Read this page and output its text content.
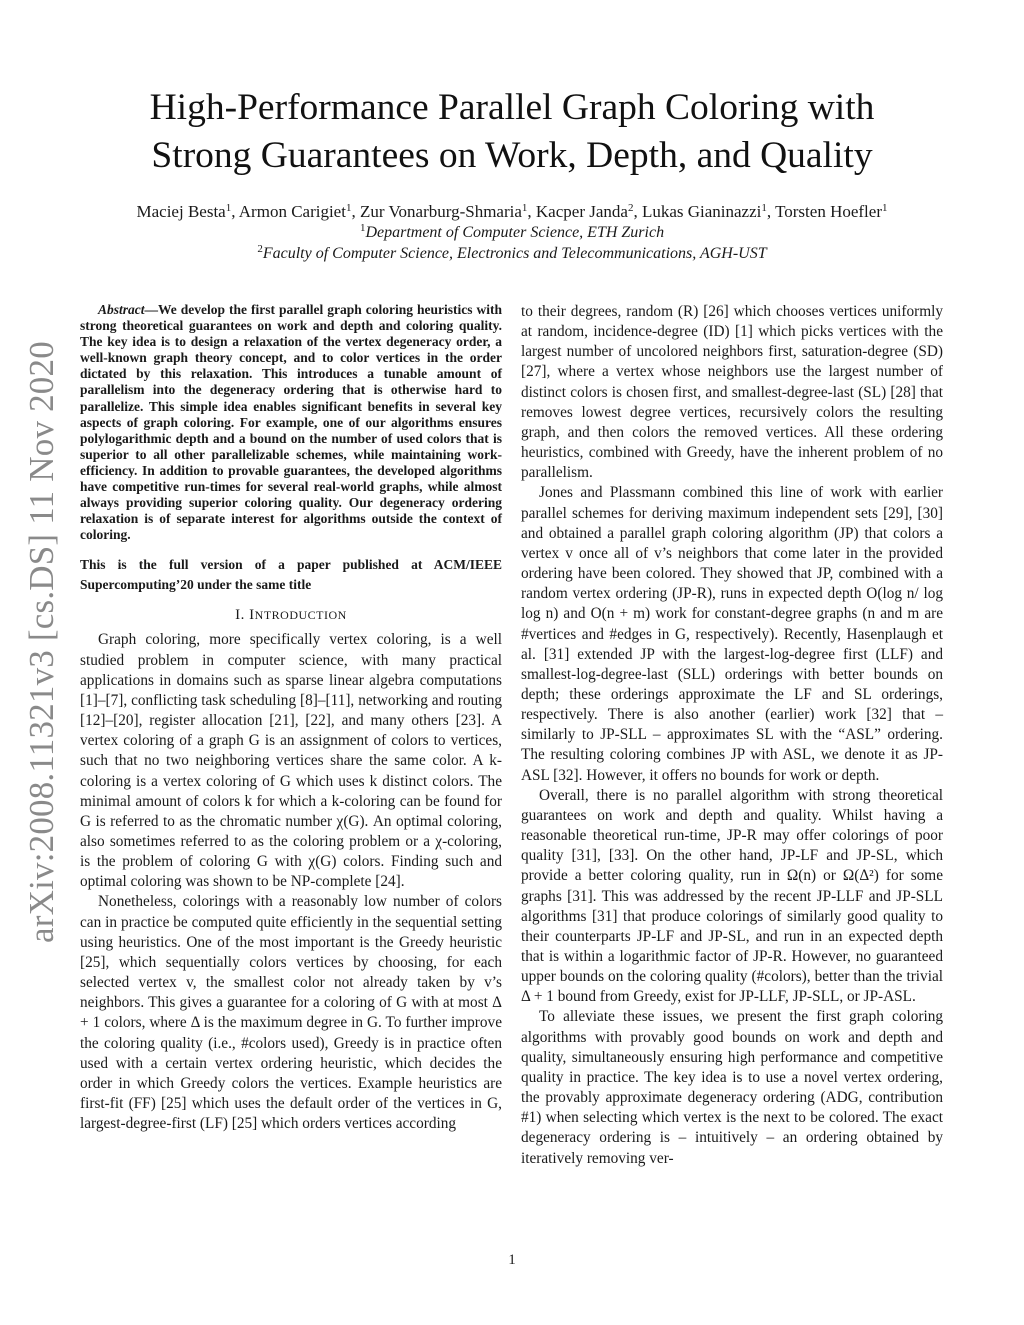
arXiv:2008.11321v3 [cs.DS] 11 Nov 2020
High-Performance Parallel Graph Coloring with
Strong Guarantees on Work, Depth, and Quality
Maciej Besta$^1$, Armon Carigiet$^1$, Zur Vonarburg-Shmaria$^1$, Kacper Janda$^2$, Lukas Gianinazzi$^1$, Torsten Hoefler$^1$
$^1$Department of Computer Science, ETH Zurich
$^2$Faculty of Computer Science, Electronics and Telecommunications, AGH-UST

Abstract—We develop the first parallel graph coloring heuristics with strong theoretical guarantees on work and depth and coloring quality. The key idea is to design a relaxation of the vertex degeneracy order, a well-known graph theory concept, and to color vertices in the order dictated by this relaxation. This introduces a tunable amount of parallelism into the degeneracy ordering that is otherwise hard to parallelize. This simple idea enables significant benefits in several key aspects of graph coloring. For example, one of our algorithms ensures polylogarithmic depth and a bound on the number of used colors that is superior to all other parallelizable schemes, while maintaining work-efficiency. In addition to provable guarantees, the developed algorithms have competitive run-times for several real-world graphs, while almost always providing superior coloring quality. Our degeneracy ordering relaxation is of separate interest for algorithms outside the context of coloring.

This is the full version of a paper published at ACM/IEEE Supercomputing’20 under the same title

I. INTRODUCTION

Graph coloring, more specifically vertex coloring, is a well studied problem in computer science, with many practical applications in domains such as sparse linear algebra computations [1]–[7], conflicting task scheduling [8]–[11], networking and routing [12]–[20], register allocation [21], [22], and many others [23]. A vertex coloring of a graph G is an assignment of colors to vertices, such that no two neighboring vertices share the same color. A k-coloring is a vertex coloring of G which uses k distinct colors. The minimal amount of colors k for which a k-coloring can be found for G is referred to as the chromatic number χ(G). An optimal coloring, also sometimes referred to as the coloring problem or a χ-coloring, is the problem of coloring G with χ(G) colors. Finding such and optimal coloring was shown to be NP-complete [24].

Nonetheless, colorings with a reasonably low number of colors can in practice be computed quite efficiently in the sequential setting using heuristics. One of the most important is the Greedy heuristic [25], which sequentially colors vertices by choosing, for each selected vertex v, the smallest color not already taken by v’s neighbors. This gives a guarantee for a coloring of G with at most Δ + 1 colors, where Δ is the maximum degree in G. To further improve the coloring quality (i.e., #colors used), Greedy is in practice often used with a certain vertex ordering heuristic, which decides the order in which Greedy colors the vertices. Example heuristics are first-fit (FF) [25] which uses the default order of the vertices in G, largest-degree-first (LF) [25] which orders vertices according

to their degrees, random (R) [26] which chooses vertices uniformly at random, incidence-degree (ID) [1] which picks vertices with the largest number of uncolored neighbors first, saturation-degree (SD) [27], where a vertex whose neighbors use the largest number of distinct colors is chosen first, and smallest-degree-last (SL) [28] that removes lowest degree vertices, recursively colors the resulting graph, and then colors the removed vertices. All these ordering heuristics, combined with Greedy, have the inherent problem of no parallelism.

Jones and Plassmann combined this line of work with earlier parallel schemes for deriving maximum independent sets [29], [30] and obtained a parallel graph coloring algorithm (JP) that colors a vertex v once all of v’s neighbors that come later in the provided ordering have been colored. They showed that JP, combined with a random vertex ordering (JP-R), runs in expected depth O(log n/ log log n) and O(n + m) work for constant-degree graphs (n and m are #vertices and #edges in G, respectively). Recently, Hasenplaugh et al. [31] extended JP with the largest-log-degree first (LLF) and smallest-log-degree-last (SLL) orderings with better bounds on depth; these orderings approximate the LF and SL orderings, respectively. There is also another (earlier) work [32] that – similarly to JP-SLL – approximates SL with the “ASL” ordering. The resulting coloring combines JP with ASL, we denote it as JP-ASL [32]. However, it offers no bounds for work or depth.

Overall, there is no parallel algorithm with strong theoretical guarantees on work and depth and quality. Whilst having a reasonable theoretical run-time, JP-R may offer colorings of poor quality [31], [33]. On the other hand, JP-LF and JP-SL, which provide a better coloring quality, run in Ω(n) or Ω(Δ²) for some graphs [31]. This was addressed by the recent JP-LLF and JP-SLL algorithms [31] that produce colorings of similarly good quality to their counterparts JP-LF and JP-SL, and run in an expected depth that is within a logarithmic factor of JP-R. However, no guaranteed upper bounds on the coloring quality (#colors), better than the trivial Δ + 1 bound from Greedy, exist for JP-LLF, JP-SLL, or JP-ASL.

To alleviate these issues, we present the first graph coloring algorithms with provably good bounds on work and depth and quality, simultaneously ensuring high performance and competitive quality in practice. The key idea is to use a novel vertex ordering, the provably approximate degeneracy ordering (ADG, contribution #1) when selecting which vertex is the next to be colored. The exact degeneracy ordering is – intuitively – an ordering obtained by iteratively removing ver-

1
